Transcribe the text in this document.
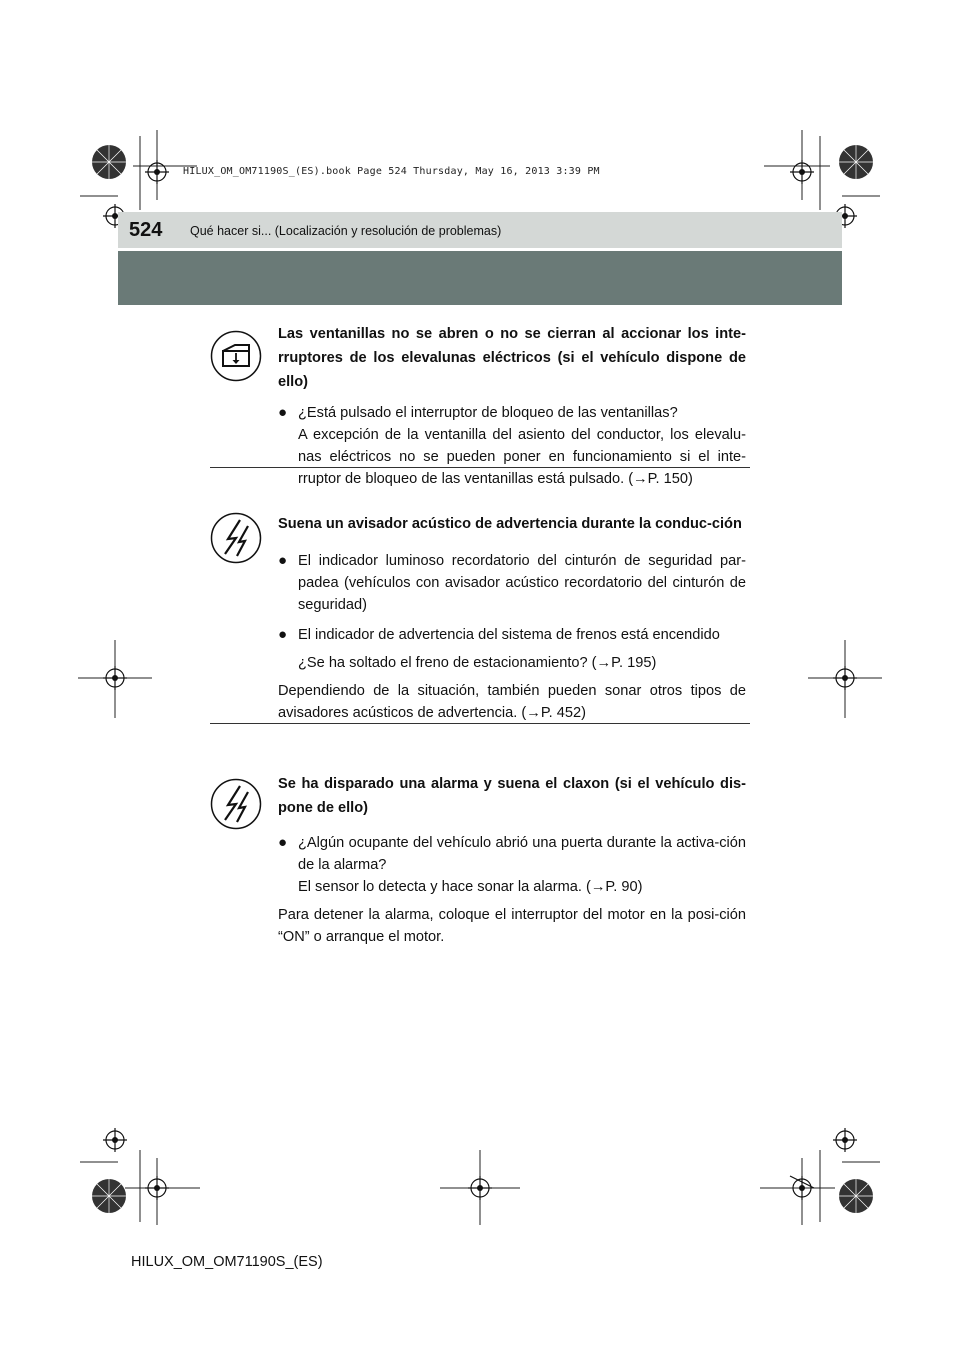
HILUX_OM_OM71190S_(ES).book Page 524 Thursday, May 16, 2013 3:39 PM
524 Qué hacer si... (Localización y resolución de problemas)

Las ventanillas no se abren o no se cierran al accionar los inte-rruptores de los elevalunas eléctricos (si el vehículo dispone de ello)

● ¿Está pulsado el interruptor de bloqueo de las ventanillas?
A excepción de la ventanilla del asiento del conductor, los elevalu-nas eléctricos no se pueden poner en funcionamiento si el inte-rruptor de bloqueo de las ventanillas está pulsado. (→P. 150)

Suena un avisador acústico de advertencia durante la conduc-ción

● El indicador luminoso recordatorio del cinturón de seguridad par-padea (vehículos con avisador acústico recordatorio del cinturón de seguridad)
● El indicador de advertencia del sistema de frenos está encendido

¿Se ha soltado el freno de estacionamiento? (→P. 195)

Dependiendo de la situación, también pueden sonar otros tipos de avisadores acústicos de advertencia. (→P. 452)

Se ha disparado una alarma y suena el claxon (si el vehículo dis-pone de ello)

● ¿Algún ocupante del vehículo abrió una puerta durante la activa-ción de la alarma?
El sensor lo detecta y hace sonar la alarma. (→P. 90)

Para detener la alarma, coloque el interruptor del motor en la posi-ción “ON” o arranque el motor.

HILUX_OM_OM71190S_(ES)
